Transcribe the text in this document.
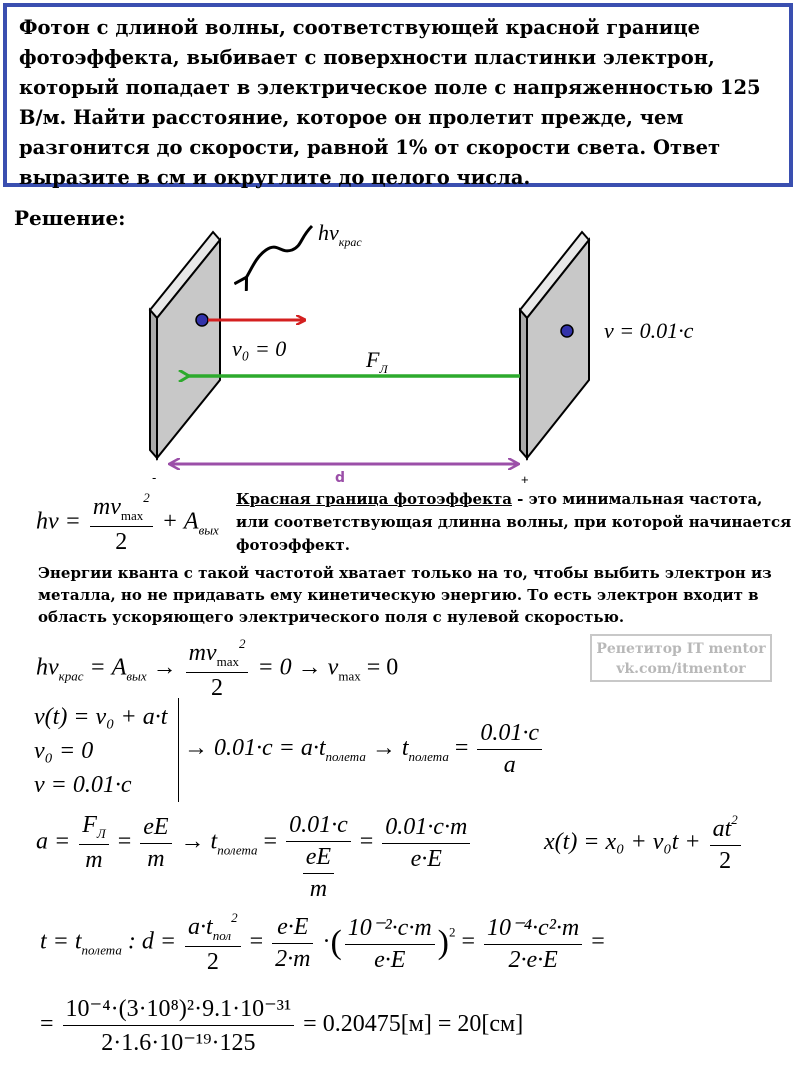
Фотон с длиной волны, соответствующей красной границе
фотоэффекта, выбивает с поверхности пластинки электрон,
который попадает в электрическое поле с напряженностью 125
В/м. Найти расстояние, которое он пролетит прежде, чем
разгонится до скорости, равной 1% от скорости света. Ответ
выразите в см и округлите до целого числа.
Решение:
$h\nu_{крас}$
v₀ = 0	$F_Л$
v = 0.01·c
-	+
d
$h\nu = \frac{mv_{max}^2}{2} + A_{вых}$
Красная граница фотоэффекта - это минимальная частота, или соответствующая длинна волны, при которой начинается фотоэффект.
Энергии кванта с такой частотой хватает только на то, чтобы выбить электрон из металла, но не придавать ему кинетическую энергию. То есть электрон входит в область ускоряющего электрического поля с нулевой скоростью.
Репетитор IT mentor
vk.com/itmentor
$h\nu_{крас} = A_{вых} \to \frac{mv_{max}^2}{2} = 0 \to v_{max} = 0$
v(t) = v₀ + a·t
v₀ = 0
v = 0.01·c
→ $0.01\cdot c = a\cdot t_{полета} \to t_{полета} = \frac{0.01\cdot c}{a}$
$a = \frac{F_Л}{m} = \frac{eE}{m} \to t_{полета} = \frac{0.01\cdot c}{\frac{eE}{m}} = \frac{0.01\cdot c\cdot m}{e\cdot E}$	$x(t) = x_0 + v_0t + \frac{at^2}{2}$
$t = t_{полета}$ : $d = \frac{a\cdot t_{пол}^2}{2} = \frac{e\cdot E}{2\cdot m}$ ·( $\frac{\text{10⁻²·c·m}}{e\cdot E} )^2 = \frac{\text{10⁻⁴·c²·m}}{2\cdot e\cdot E}$ =
= $\frac{\text{10⁻⁴·(3·10⁸)²·9.1·10⁻³¹}}{\text{2·1.6·10⁻¹⁹·125}} = 0.20475[м] = 20[см]$
